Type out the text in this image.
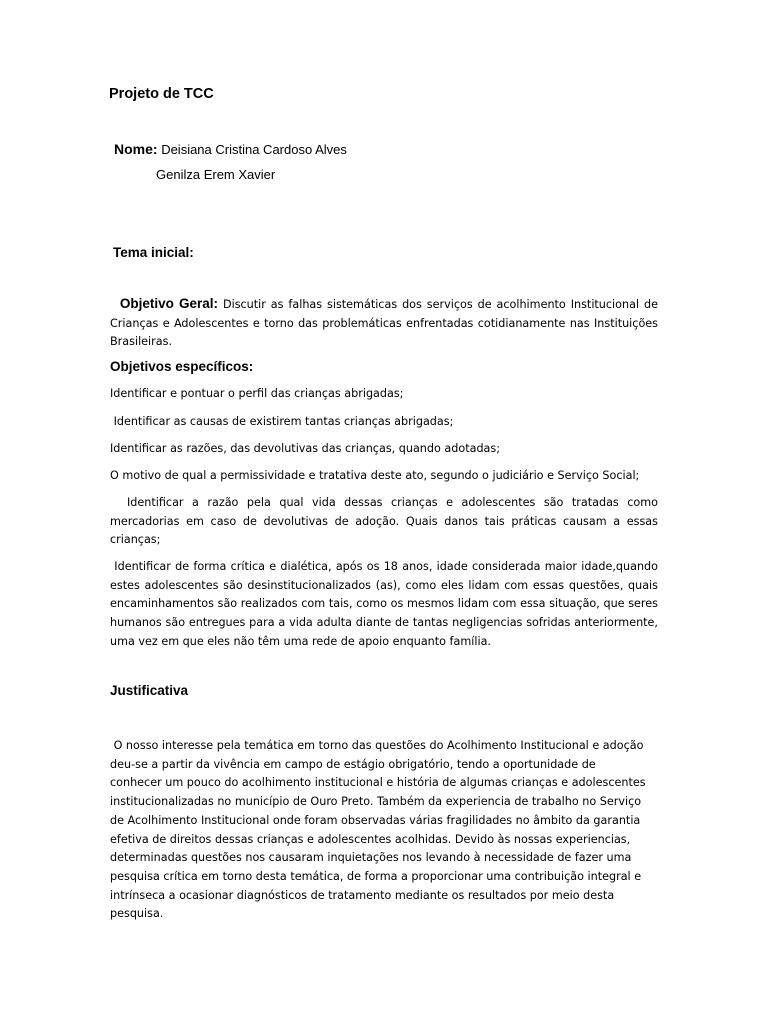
Projeto de TCC
Nome: Deisiana Cristina Cardoso Alves
Genilza Erem Xavier
Tema inicial:

Objetivo Geral: Discutir as falhas sistemáticas dos serviços de acolhimento Institucional de Crianças e Adolescentes e torno das problemáticas enfrentadas cotidianamente nas Instituições Brasileiras.

Objetivos específicos:

Identificar e pontuar o perfil das crianças abrigadas;

Identificar as causas de existirem tantas crianças abrigadas;

Identificar as razões, das devolutivas das crianças, quando adotadas;

O motivo de qual a permissividade e tratativa deste ato, segundo o judiciário e Serviço Social;

Identificar a razão pela qual vida dessas crianças e adolescentes são tratadas como mercadorias em caso de devolutivas de adoção. Quais danos tais práticas causam a essas crianças;

Identificar de forma crítica e dialética, após os 18 anos, idade considerada maior idade,quando estes adolescentes são desinstitucionalizados (as), como eles lidam com essas questões, quais encaminhamentos são realizados com tais, como os mesmos lidam com essa situação, que seres humanos são entregues para a vida adulta diante de tantas negligencias sofridas anteriormente, uma vez em que eles não têm uma rede de apoio enquanto família.

Justificativa

O nosso interesse pela temática em torno das questões do Acolhimento Institucional e adoção deu-se a partir da vivência em campo de estágio obrigatório, tendo a oportunidade de conhecer um pouco do acolhimento institucional e história de algumas crianças e adolescentes institucionalizadas no município de Ouro Preto. Também da experiencia de trabalho no Serviço de Acolhimento Institucional onde foram observadas várias fragilidades no âmbito da garantia efetiva de direitos dessas crianças e adolescentes acolhidas. Devido às nossas experiencias, determinadas questões nos causaram inquietações nos levando à necessidade de fazer uma pesquisa crítica em torno desta temática, de forma a proporcionar uma contribuição integral e intrínseca a ocasionar diagnósticos de tratamento mediante os resultados por meio desta pesquisa.
